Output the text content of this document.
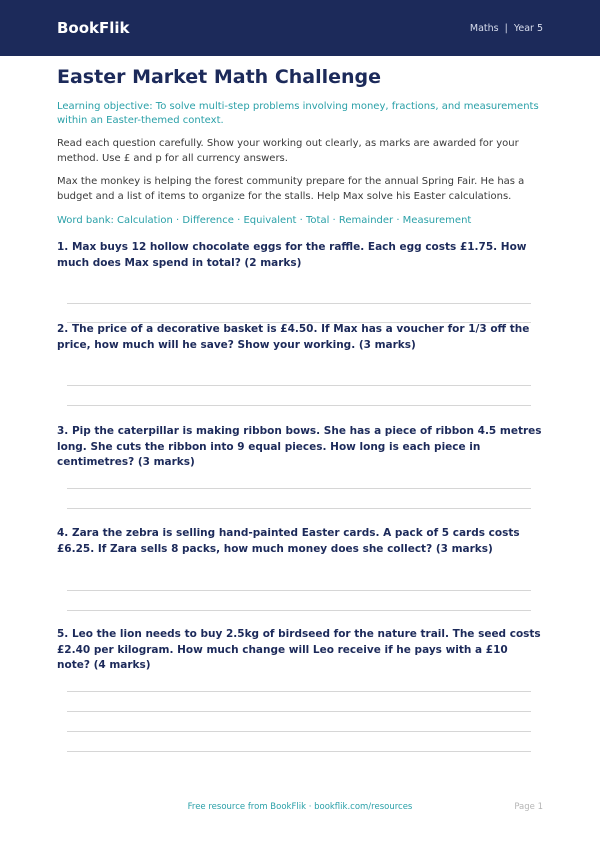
BookFlik	Maths | Year 5
Easter Market Math Challenge

Learning objective: To solve multi-step problems involving money, fractions, and measurements within an Easter-themed context.

Read each question carefully. Show your working out clearly, as marks are awarded for your method. Use £ and p for all currency answers.

Max the monkey is helping the forest community prepare for the annual Spring Fair. He has a budget and a list of items to organize for the stalls. Help Max solve his Easter calculations.

Word bank: Calculation · Difference · Equivalent · Total · Remainder · Measurement

1. Max buys 12 hollow chocolate eggs for the raffle. Each egg costs £1.75. How much does Max spend in total? (2 marks)

2. The price of a decorative basket is £4.50. If Max has a voucher for 1/3 off the price, how much will he save? Show your working. (3 marks)

3. Pip the caterpillar is making ribbon bows. She has a piece of ribbon 4.5 metres long. She cuts the ribbon into 9 equal pieces. How long is each piece in centimetres? (3 marks)

4. Zara the zebra is selling hand-painted Easter cards. A pack of 5 cards costs £6.25. If Zara sells 8 packs, how much money does she collect? (3 marks)

5. Leo the lion needs to buy 2.5kg of birdseed for the nature trail. The seed costs £2.40 per kilogram. How much change will Leo receive if he pays with a £10 note? (4 marks)

Free resource from BookFlik · bookflik.com/resources	Page 1
